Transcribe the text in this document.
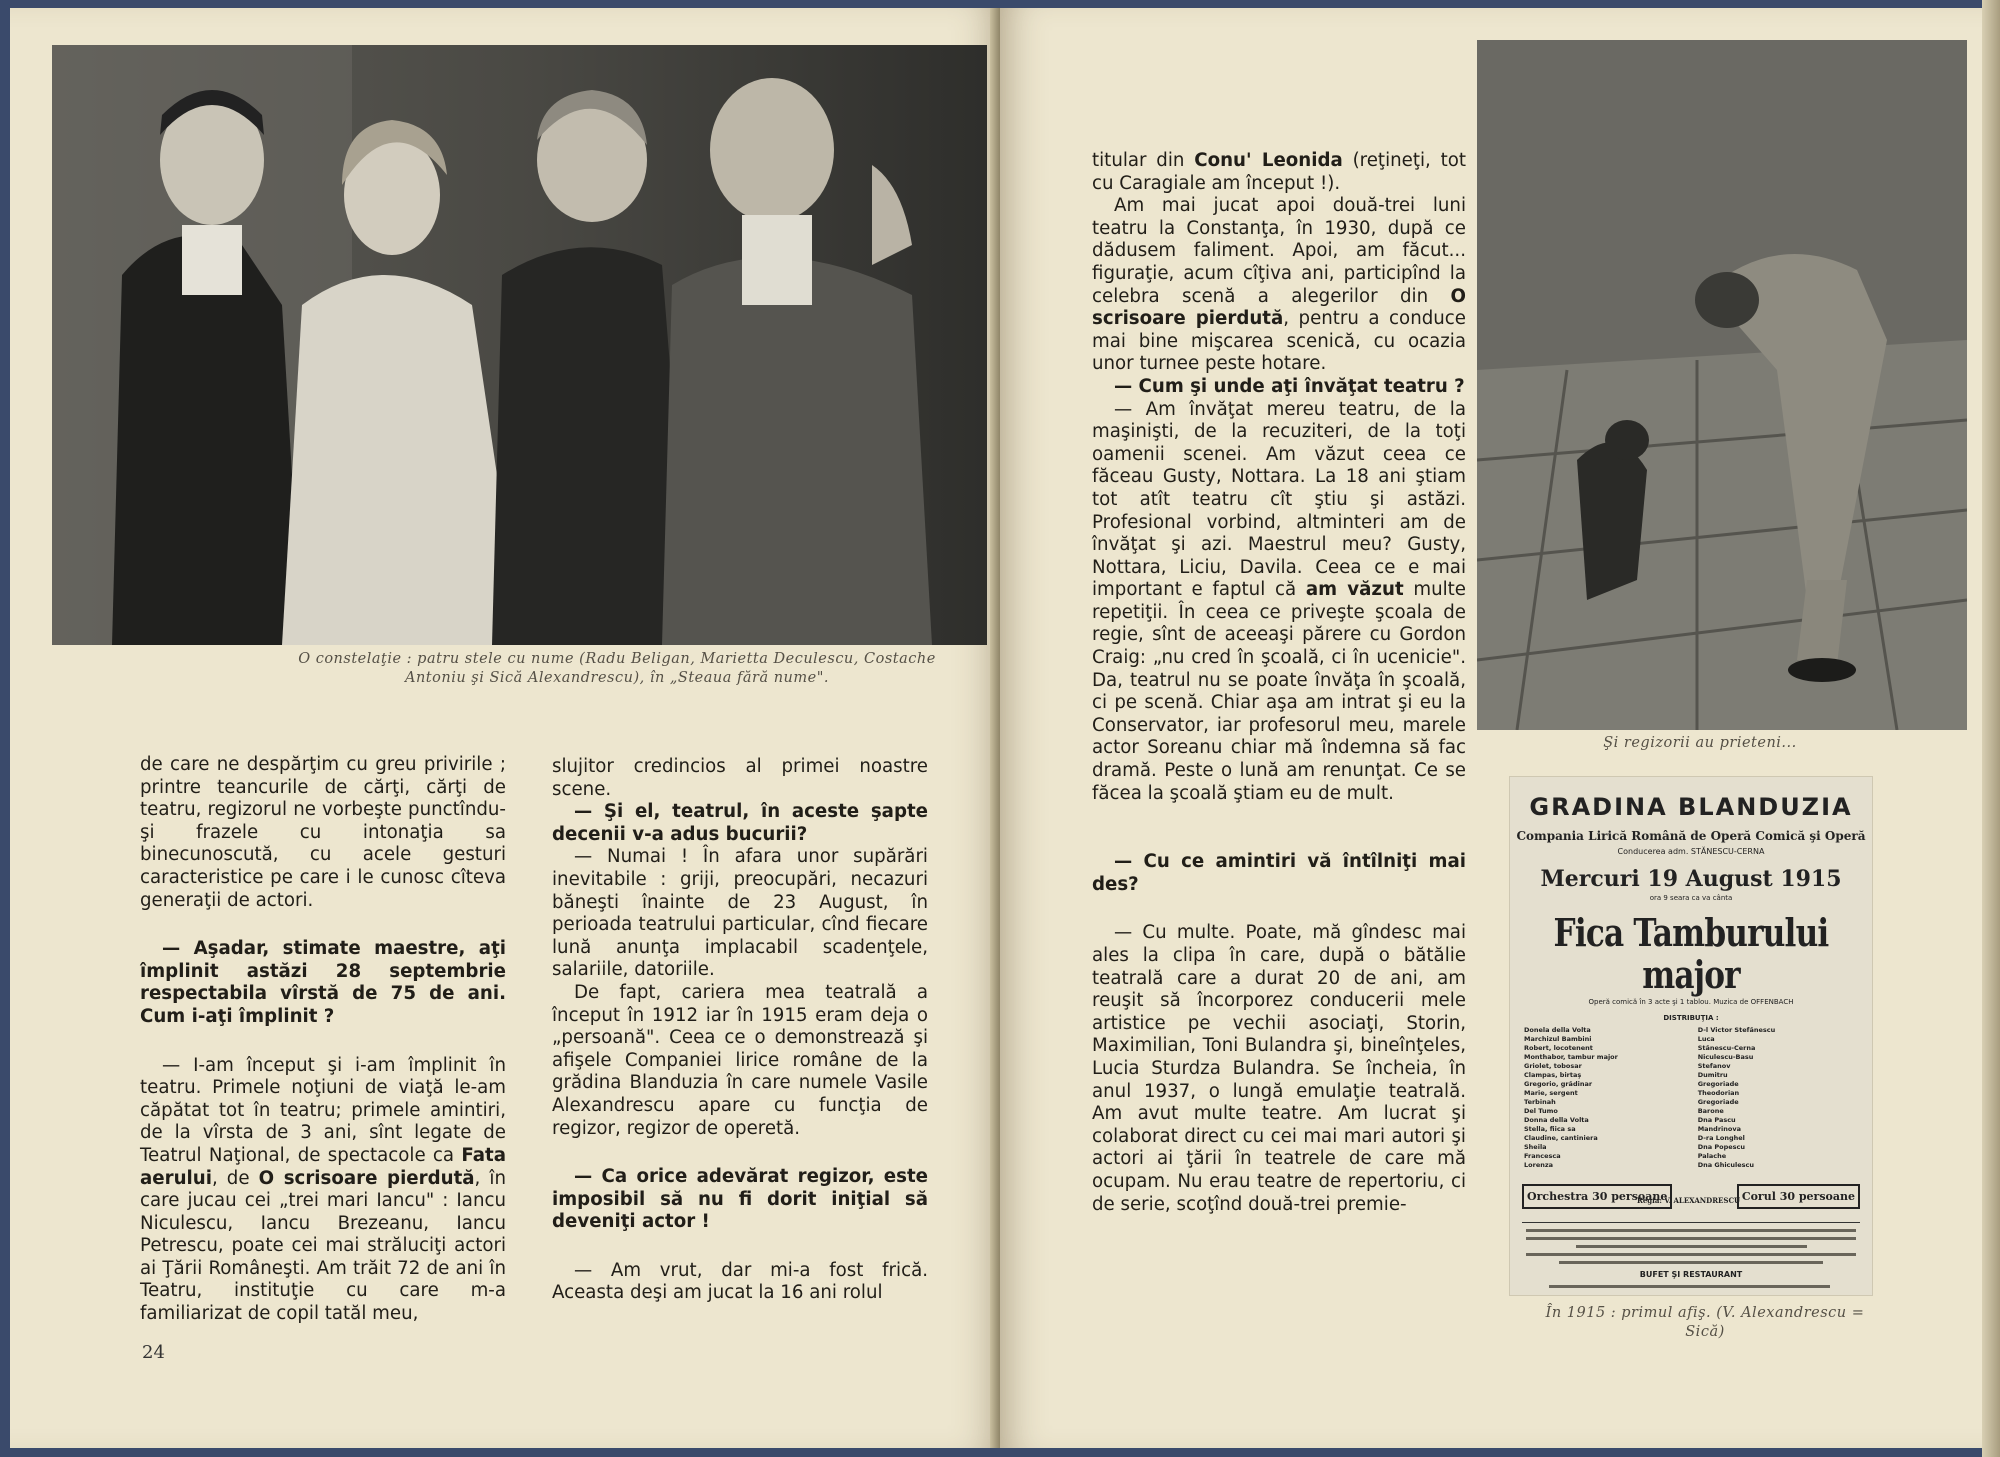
O constelaţie : patru stele cu nume (Radu Beligan, Marietta Deculescu, Costache Antoniu şi Sică Alexandrescu), în „Steaua fără nume".

de care ne despărţim cu greu privirile ; printre teancurile de cărţi, cărţi de teatru, regizorul ne vorbeşte punctîndu-şi frazele cu intonaţia sa binecunoscută, cu acele gesturi caracteristice pe care i le cunosc cîteva generaţii de actori.

— Aşadar, stimate maestre, aţi împlinit astăzi 28 septembrie respectabila vîrstă de 75 de ani. Cum i-aţi împlinit ?

— I-am început şi i-am împlinit în teatru. Primele noţiuni de viaţă le-am căpătat tot în teatru; primele amintiri, de la vîrsta de 3 ani, sînt legate de Teatrul Naţional, de spectacole ca Fata aerului, de O scrisoare pierdută, în care jucau cei „trei mari Iancu" : Iancu Niculescu, Iancu Brezeanu, Iancu Petrescu, poate cei mai străluciţi actori ai Ţării Româneşti. Am trăit 72 de ani în Teatru, instituţie cu care m-a familiarizat de copil tatăl meu,

slujitor credincios al primei noastre scene.

— Şi el, teatrul, în aceste şapte decenii v-a adus bucurii?

— Numai ! În afara unor supărări inevitabile : griji, preocupări, necazuri băneşti înainte de 23 August, în perioada teatrului particular, cînd fiecare lună anunţa implacabil scadenţele, salariile, datoriile.

De fapt, cariera mea teatrală a început în 1912 iar în 1915 eram deja o „persoană". Ceea ce o demonstrează şi afişele Companiei lirice române de la grădina Blanduzia în care numele Vasile Alexandrescu apare cu funcţia de regizor, regizor de operetă.

— Ca orice adevărat regizor, este imposibil să nu fi dorit iniţial să deveniţi actor !

— Am vrut, dar mi-a fost frică. Aceasta deşi am jucat la 16 ani rolul

24

titular din Conu' Leonida (reţineţi, tot cu Caragiale am început !).

Am mai jucat apoi două-trei luni teatru la Constanţa, în 1930, după ce dădusem faliment. Apoi, am făcut... figuraţie, acum cîţiva ani, participînd la celebra scenă a alegerilor din O scrisoare pierdută, pentru a conduce mai bine mişcarea scenică, cu ocazia unor turnee peste hotare.

— Cum şi unde aţi învăţat teatru ?

— Am învăţat mereu teatru, de la maşinişti, de la recuziteri, de la toţi oamenii scenei. Am văzut ceea ce făceau Gusty, Nottara. La 18 ani ştiam tot atît teatru cît ştiu şi astăzi. Profesional vorbind, altminteri am de învăţat şi azi. Maestrul meu? Gusty, Nottara, Liciu, Davila. Ceea ce e mai important e faptul că am văzut multe repetiţii. În ceea ce priveşte şcoala de regie, sînt de aceeaşi părere cu Gordon Craig: „nu cred în şcoală, ci în ucenicie". Da, teatrul nu se poate învăţa în şcoală, ci pe scenă. Chiar aşa am intrat şi eu la Conservator, iar profesorul meu, marele actor Soreanu chiar mă îndemna să fac dramă. Peste o lună am renunţat. Ce se făcea la şcoală ştiam eu de mult.

— Cu ce amintiri vă întîlniţi mai des?

— Cu multe. Poate, mă gîndesc mai ales la clipa în care, după o bătălie teatrală care a durat 20 de ani, am reuşit să încorporez conducerii mele artistice pe vechii asociaţi, Storin, Maximilian, Toni Bulandra şi, bineînţeles, Lucia Sturdza Bulandra. Se încheia, în anul 1937, o lungă emulaţie teatrală. Am avut multe teatre. Am lucrat şi colaborat direct cu cei mai mari autori şi actori ai ţării în teatrele de care mă ocupam. Nu erau teatre de repertoriu, ci de serie, scoţînd două-trei premie-

Şi regizorii au prieteni...
GRADINA BLANDUZIA
Compania Lirică Română de Operă Comică şi Operă
Conducerea adm. STĂNESCU-CERNA
Mercuri 19 August 1915
ora 9 seara ca va cânta
Fica Tamburului major
Operă comică în 3 acte şi 1 tablou. Muzica de OFFENBACH
DISTRIBUŢIA :
Donela della Volta
Marchizul Bambini
Robert, locotenent
Monthabor, tambur major
Griolet, tobosar
Clampas, birtaş
Gregorio, grădinar
Marie, sergent
Terbinah
Del Tumo
Donna della Volta
Stella, fiica sa
Claudine, cantiniera
Sheila
Francesca
Lorenza
D-l Victor Stefănescu
Luca
Stănescu-Cerna
Niculescu-Basu
Stefanov
Dumitru
Gregoriade
Theodorian
Gregoriade
Barone
Dna Pascu
Mandrinova
D-ra Longhel
Dna Popescu
Palache
Dna Ghiculescu
Orchestra 30 persoane
Regia: V. ALEXANDRESCU Corul 30 persoane
BUFET ŞI RESTAURANT
În 1915 : primul afiş. (V. Alexandrescu = Sică)
